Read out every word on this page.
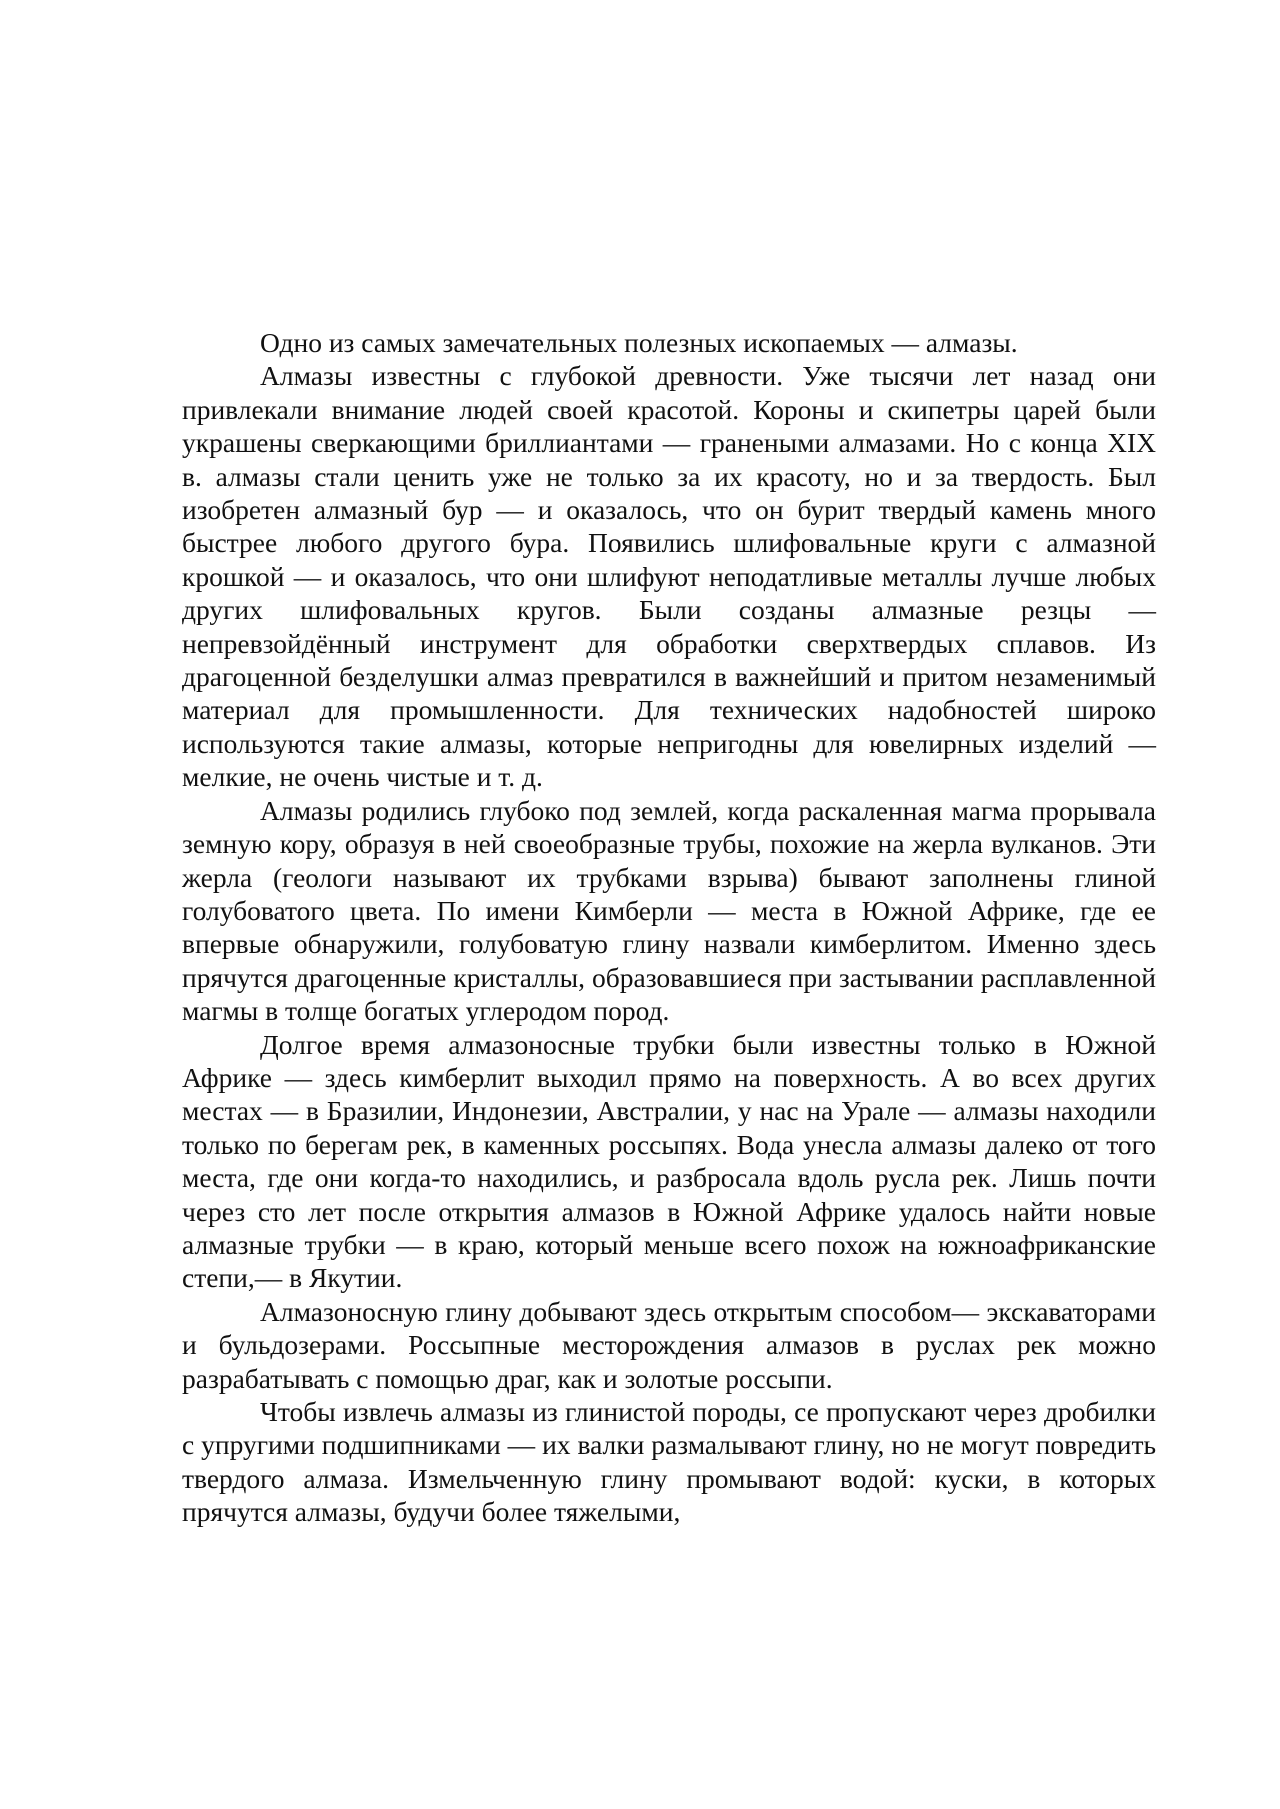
Одно из самых замечательных полезных ископаемых — алмазы.

Алмазы известны с глубокой древности. Уже тысячи лет назад они привлекали внимание людей своей красотой. Короны и скипетры царей были украшены сверкающими бриллиантами — гранеными алмазами. Но с конца XIX в. алмазы стали ценить уже не только за их красоту, но и за твердость. Был изобретен алмазный бур — и оказалось, что он бурит твердый камень много быстрее любого другого бура. Появились шлифовальные круги с алмазной крошкой — и оказалось, что они шлифуют неподатливые металлы лучше любых других шлифовальных кругов. Были созданы алмазные резцы — непревзойдённый инструмент для обработки сверхтвердых сплавов. Из драгоценной безделушки алмаз превратился в важнейший и притом незаменимый материал для промышленности. Для технических надобностей широко используются такие алмазы, которые непригодны для ювелирных изделий — мелкие, не очень чистые и т. д.

Алмазы родились глубоко под землей, когда раскаленная магма прорывала земную кору, образуя в ней своеобразные трубы, похожие на жерла вулканов. Эти жерла (геологи называют их трубками взрыва) бывают заполнены глиной голубоватого цвета. По имени Кимберли — места в Южной Африке, где ее впервые обнаружили, голубоватую глину назвали кимберлитом. Именно здесь прячутся драгоценные кристаллы, образовавшиеся при застывании расплавленной магмы в толще богатых углеродом пород.

Долгое время алмазоносные трубки были известны только в Южной Африке — здесь кимберлит выходил прямо на поверхность. А во всех других местах — в Бразилии, Индонезии, Австралии, у нас на Урале — алмазы находили только по берегам рек, в каменных россыпях. Вода унесла алмазы далеко от того места, где они когда-то находились, и разбросала вдоль русла рек. Лишь почти через сто лет после открытия алмазов в Южной Африке удалось найти новые алмазные трубки — в краю, который меньше всего похож на южноафриканские степи,— в Якутии.

Алмазоносную глину добывают здесь открытым способом— экскаваторами и бульдозерами. Россыпные месторождения алмазов в руслах рек можно разрабатывать с помощью драг, как и золотые россыпи.

Чтобы извлечь алмазы из глинистой породы, се пропускают через дробилки с упругими подшипниками — их валки размалывают глину, но не могут повредить твердого алмаза. Измельченную глину промывают водой: куски, в которых прячутся алмазы, будучи более тяжелыми,
